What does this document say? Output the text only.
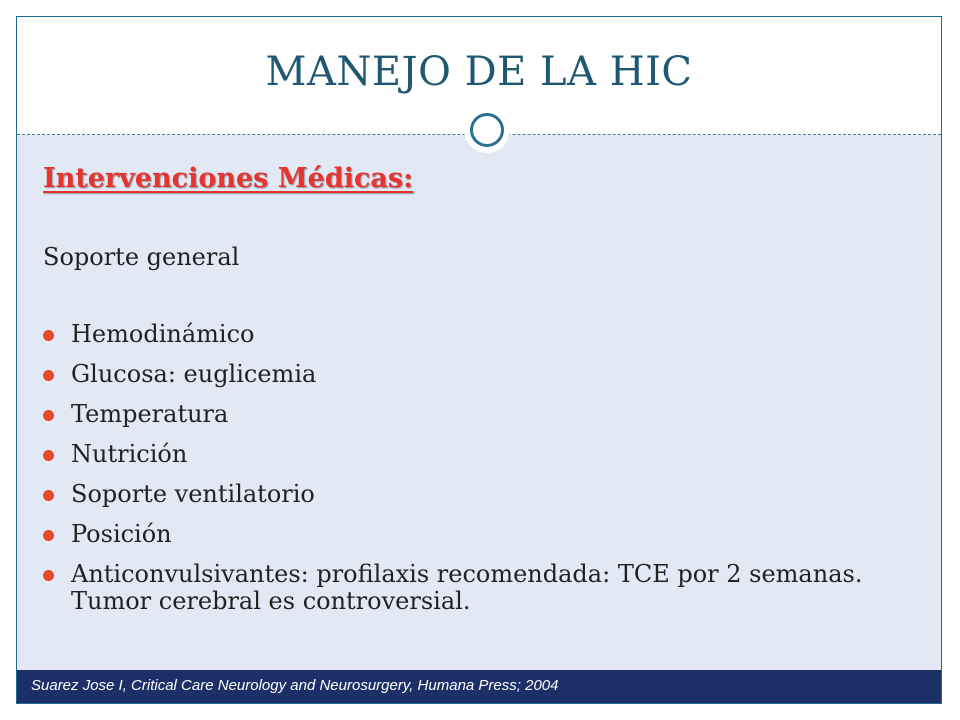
MANEJO DE LA HIC
Intervenciones Médicas:
Soporte general
Hemodinámico
Glucosa: euglicemia
Temperatura
Nutrición
Soporte ventilatorio
Posición
Anticonvulsivantes: profilaxis recomendada: TCE por 2 semanas. Tumor cerebral es controversial.
Suarez Jose I, Critical Care Neurology and Neurosurgery, Humana Press; 2004
